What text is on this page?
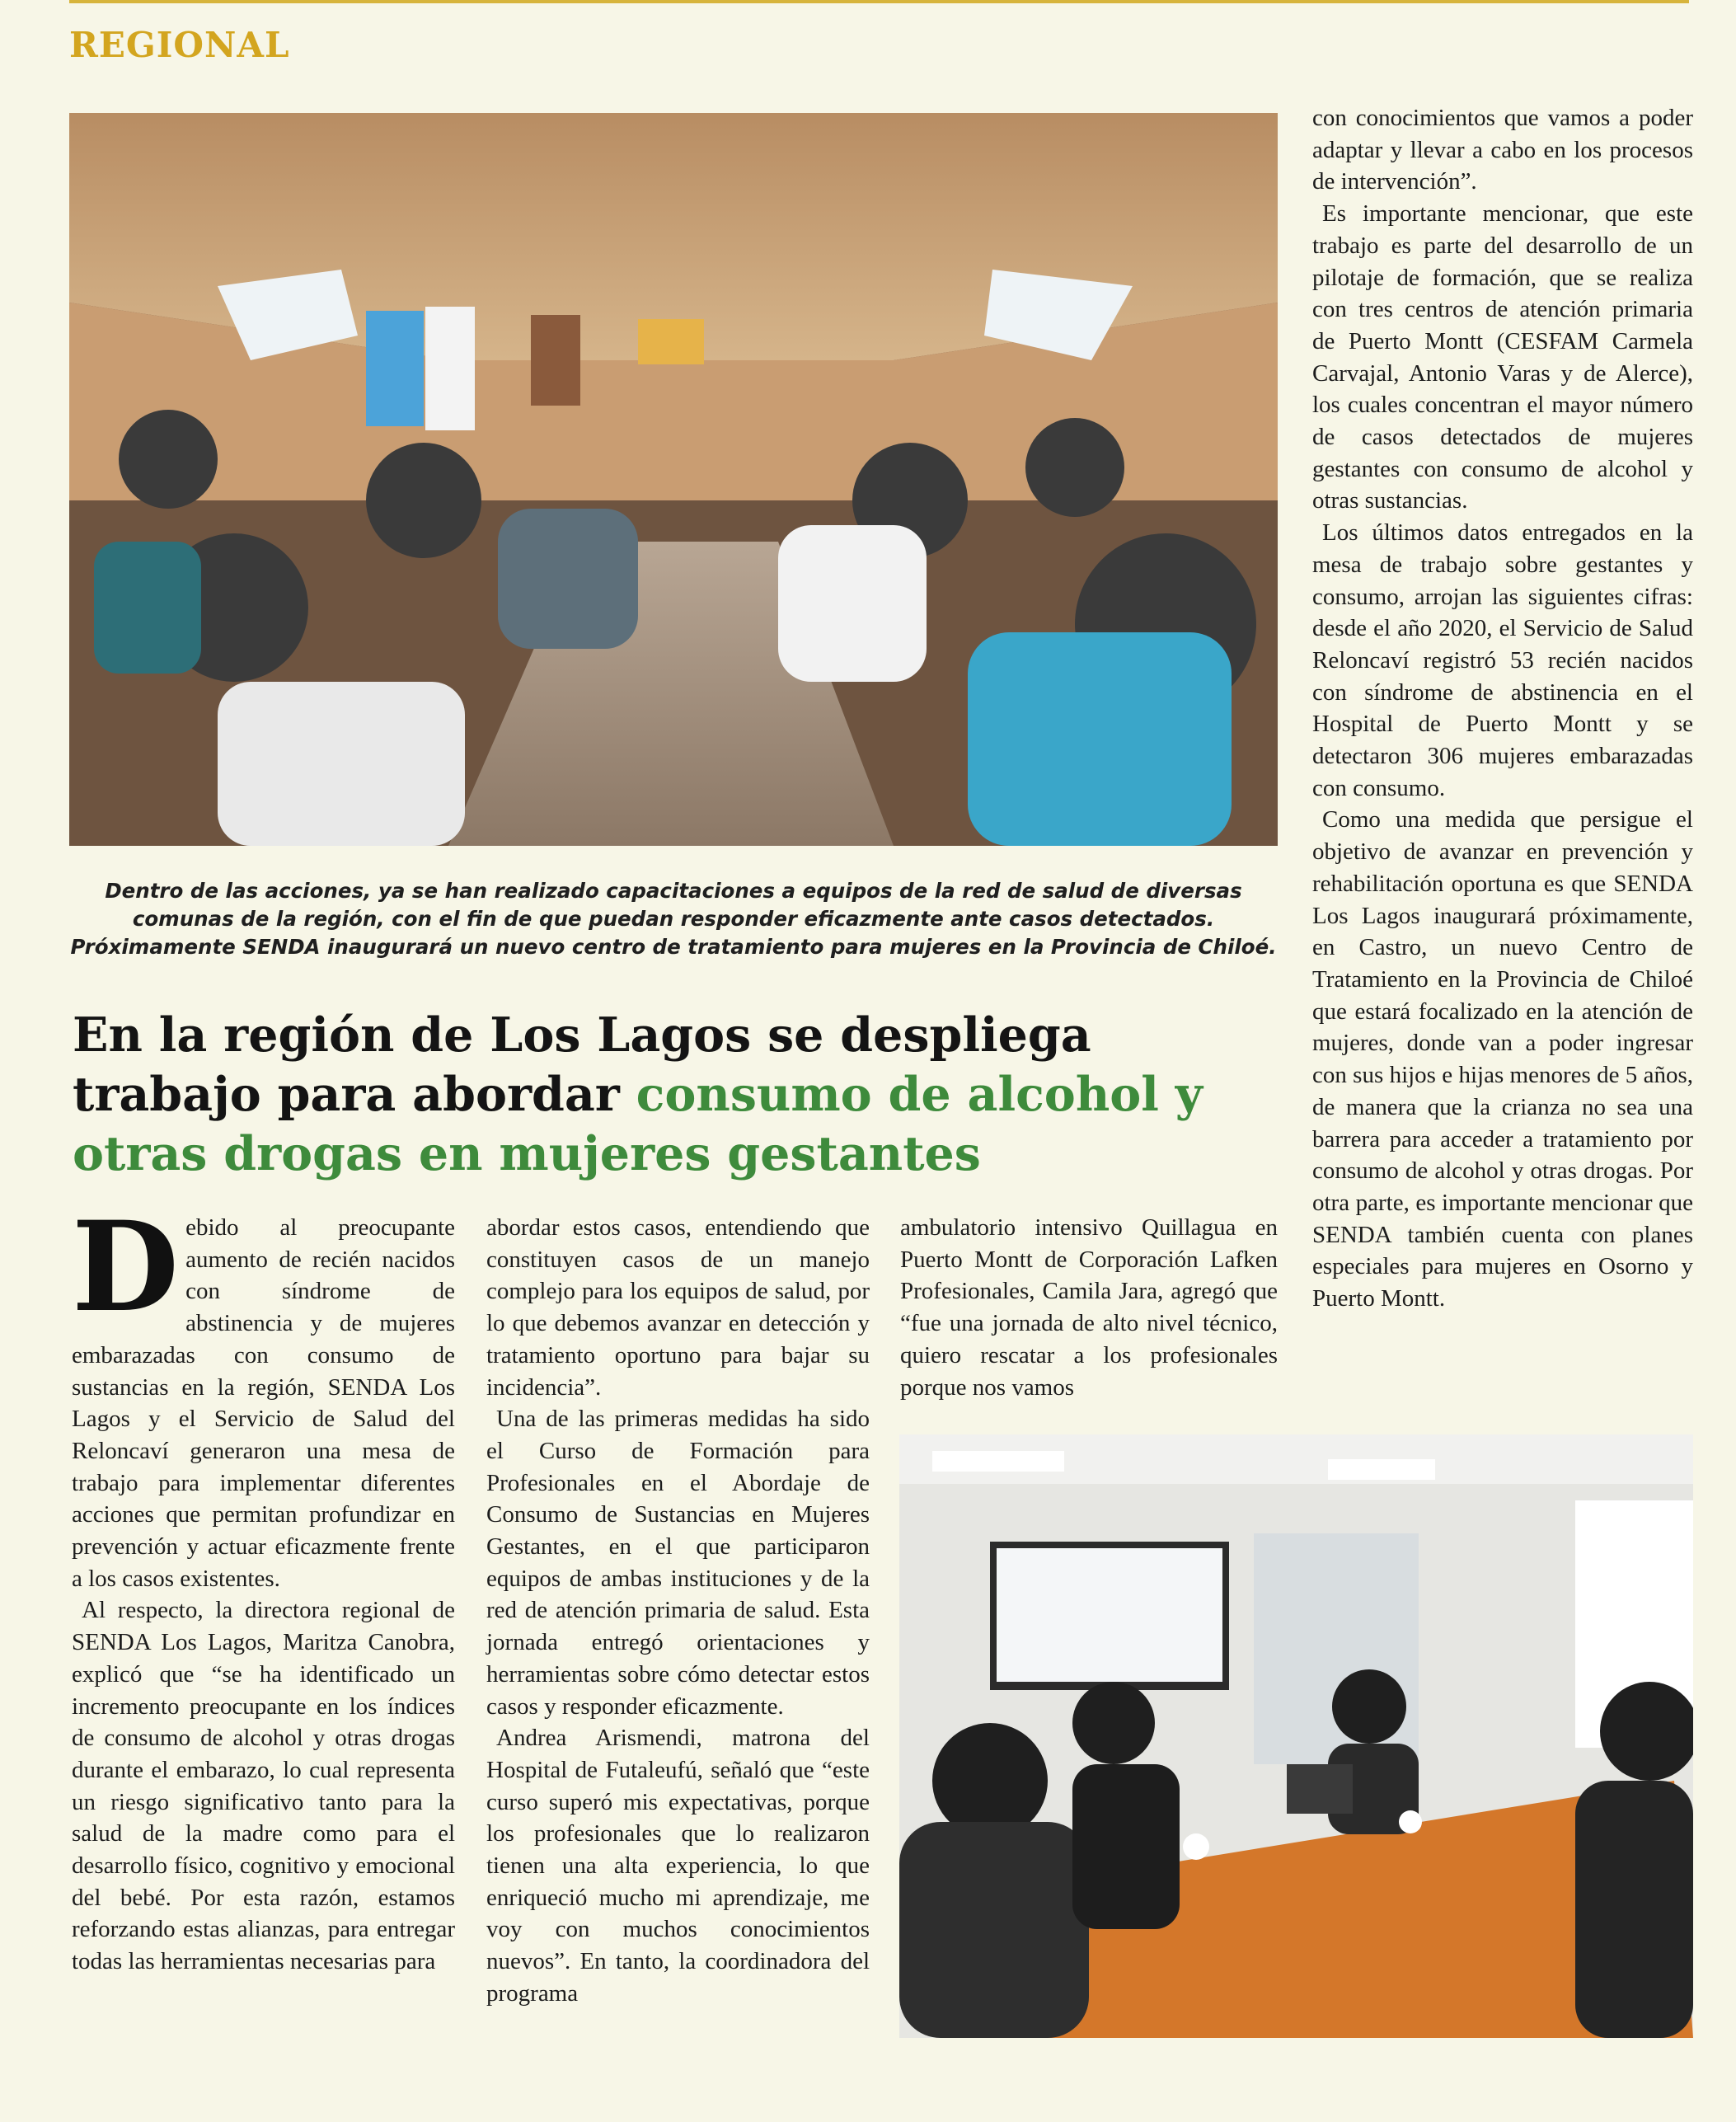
REGIONAL
Dentro de las acciones, ya se han realizado capacitaciones a equipos de la red de salud de diversas comunas de la región, con el fin de que puedan responder eficazmente ante casos detectados. Próximamente SENDA inaugurará un nuevo centro de tratamiento para mujeres en la Provincia de Chiloé.
En la región de Los Lagos se despliega trabajo para abordar consumo de alcohol y otras drogas en mujeres gestantes

Debido al preocupante aumento de recién nacidos con síndrome de abstinencia y de mujeres embarazadas con consumo de sustancias en la región, SENDA Los Lagos y el Servicio de Salud del Reloncaví generaron una mesa de trabajo para implementar diferentes acciones que permitan profundizar en prevención y actuar eficazmente frente a los casos existentes.

Al respecto, la directora regional de SENDA Los Lagos, Maritza Canobra, explicó que “se ha identificado un incremento preocupante en los índices de consumo de alcohol y otras drogas durante el embarazo, lo cual representa un riesgo significativo tanto para la salud de la madre como para el desarrollo físico, cognitivo y emocional del bebé. Por esta razón, estamos reforzando estas alianzas, para entregar todas las herramientas necesarias para

abordar estos casos, entendiendo que constituyen casos de un manejo complejo para los equipos de salud, por lo que debemos avanzar en detección y tratamiento oportuno para bajar su incidencia”.

Una de las primeras medidas ha sido el Curso de Formación para Profesionales en el Abordaje de Consumo de Sustancias en Mujeres Gestantes, en el que participaron equipos de ambas instituciones y de la red de atención primaria de salud. Esta jornada entregó orientaciones y herramientas sobre cómo detectar estos casos y responder eficazmente.

Andrea Arismendi, matrona del Hospital de Futaleufú, señaló que “este curso superó mis expectativas, porque los profesionales que lo realizaron tienen una alta experiencia, lo que enriqueció mucho mi aprendizaje, me voy con muchos conocimientos nuevos”. En tanto, la coordinadora del programa

ambulatorio intensivo Quillagua en Puerto Montt de Corporación Lafken Profesionales, Camila Jara, agregó que “fue una jornada de alto nivel técnico, quiero rescatar a los profesionales porque nos vamos

con conocimientos que vamos a poder adaptar y llevar a cabo en los procesos de intervención”.

Es importante mencionar, que este trabajo es parte del desarrollo de un pilotaje de formación, que se realiza con tres centros de atención primaria de Puerto Montt (CESFAM Carmela Carvajal, Antonio Varas y de Alerce), los cuales concentran el mayor número de casos detectados de mujeres gestantes con consumo de alcohol y otras sustancias.

Los últimos datos entregados en la mesa de trabajo sobre gestantes y consumo, arrojan las siguientes cifras: desde el año 2020, el Servicio de Salud Reloncaví registró 53 recién nacidos con síndrome de abstinencia en el Hospital de Puerto Montt y se detectaron 306 mujeres embarazadas con consumo.

Como una medida que persigue el objetivo de avanzar en prevención y rehabilitación oportuna es que SENDA Los Lagos inaugurará próximamente, en Castro, un nuevo Centro de Tratamiento en la Provincia de Chiloé que estará focalizado en la atención de mujeres, donde van a poder ingresar con sus hijos e hijas menores de 5 años, de manera que la crianza no sea una barrera para acceder a tratamiento por consumo de alcohol y otras drogas. Por otra parte, es importante mencionar que SENDA también cuenta con planes especiales para mujeres en Osorno y Puerto Montt.
